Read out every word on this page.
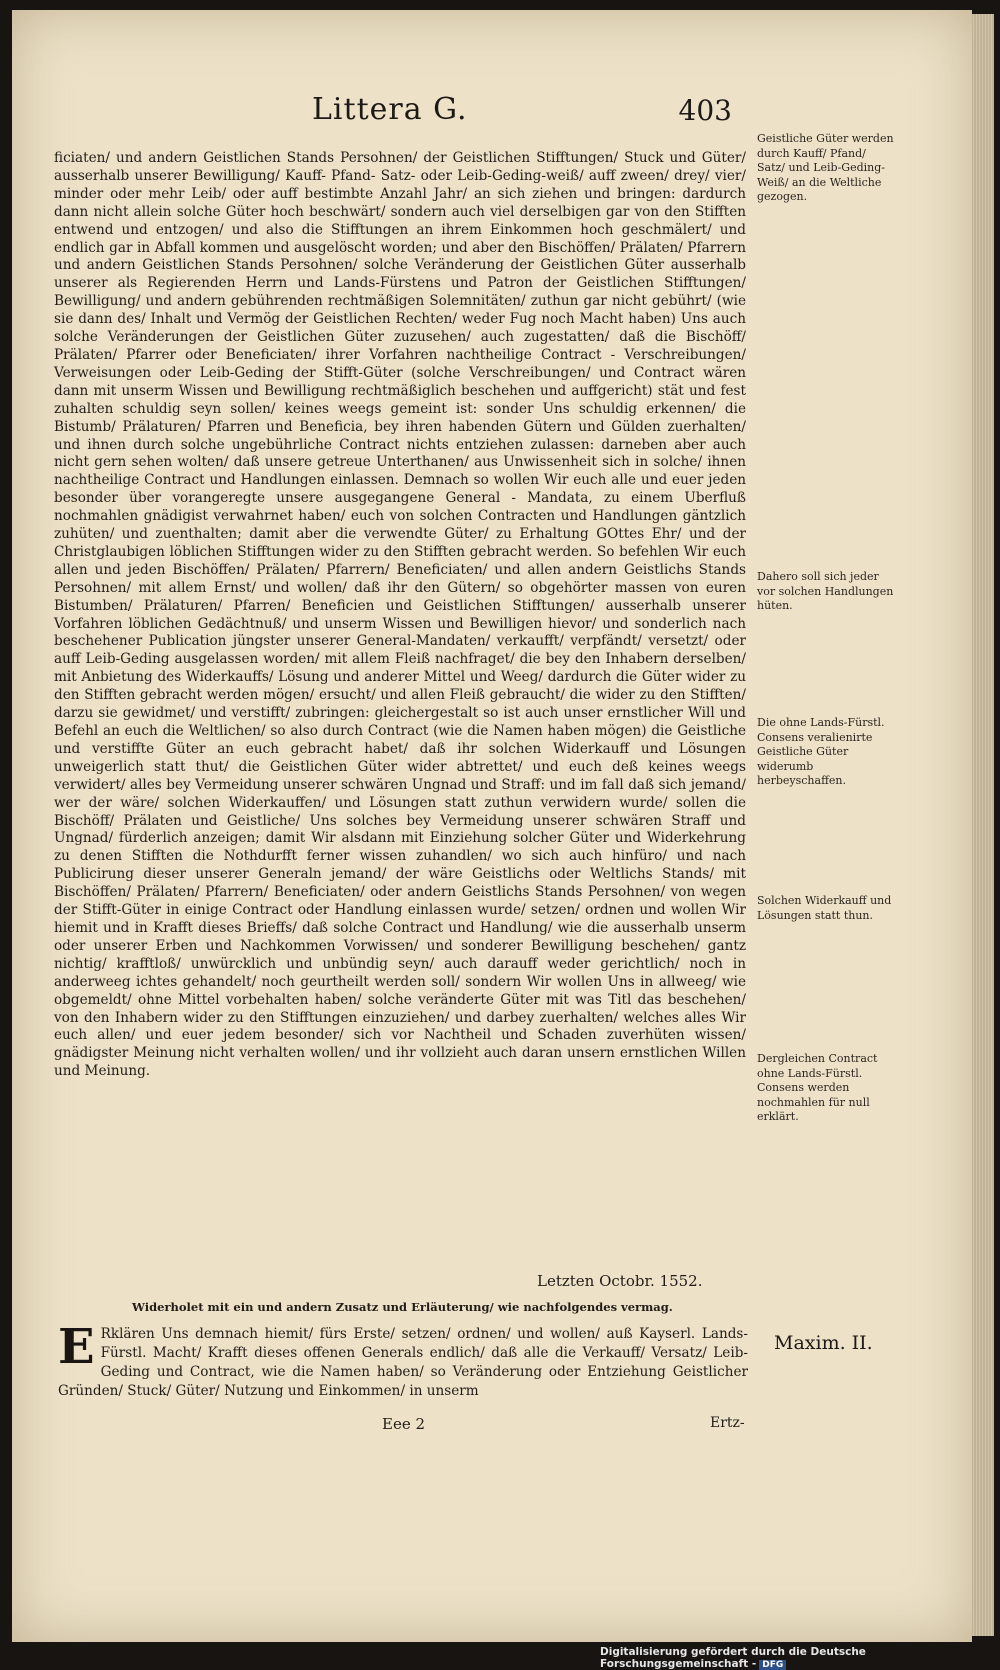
Littera G.	403

ficiaten/ und andern Geistlichen Stands Persohnen/ der Geistlichen Stifftungen/ Stuck und Güter/ ausserhalb unserer Bewilligung/ Kauff- Pfand- Satz- oder Leib-Geding-weiß/ auff zween/ drey/ vier/ minder oder mehr Leib/ oder auff bestimbte Anzahl Jahr/ an sich ziehen und bringen: dardurch dann nicht allein solche Güter hoch beschwärt/ sondern auch viel derselbigen gar von den Stifften entwend und entzogen/ und also die Stifftungen an ihrem Einkommen hoch geschmälert/ und endlich gar in Abfall kommen und ausgelöscht worden; und aber den Bischöffen/ Prälaten/ Pfarrern und andern Geistlichen Stands Persohnen/ solche Veränderung der Geistlichen Güter ausserhalb unserer als Regierenden Herrn und Lands-Fürstens und Patron der Geistlichen Stifftungen/ Bewilligung/ und andern gebührenden rechtmäßigen Solemnitäten/ zuthun gar nicht gebührt/ (wie sie dann des/ Inhalt und Vermög der Geistlichen Rechten/ weder Fug noch Macht haben) Uns auch solche Veränderungen der Geistlichen Güter zuzusehen/ auch zugestatten/ daß die Bischöff/ Prälaten/ Pfarrer oder Beneficiaten/ ihrer Vorfahren nachtheilige Contract - Verschreibungen/ Verweisungen oder Leib-Geding der Stifft-Güter (solche Verschreibungen/ und Contract wären dann mit unserm Wissen und Bewilligung rechtmäßiglich beschehen und auffgericht) stät und fest zuhalten schuldig seyn sollen/ keines weegs gemeint ist: sonder Uns schuldig erkennen/ die Bistumb/ Prälaturen/ Pfarren und Beneficia, bey ihren habenden Gütern und Gülden zuerhalten/ und ihnen durch solche ungebührliche Contract nichts entziehen zulassen: darneben aber auch nicht gern sehen wolten/ daß unsere getreue Unterthanen/ aus Unwissenheit sich in solche/ ihnen nachtheilige Contract und Handlungen einlassen. Demnach so wollen Wir euch alle und euer jeden besonder über vorangeregte unsere ausgegangene General - Mandata, zu einem Uberfluß nochmahlen gnädigist verwahrnet haben/ euch von solchen Contracten und Handlungen gäntzlich zuhüten/ und zuenthalten; damit aber die verwendte Güter/ zu Erhaltung GOttes Ehr/ und der Christglaubigen löblichen Stifftungen wider zu den Stifften gebracht werden. So befehlen Wir euch allen und jeden Bischöffen/ Prälaten/ Pfarrern/ Beneficiaten/ und allen andern Geistlichs Stands Persohnen/ mit allem Ernst/ und wollen/ daß ihr den Gütern/ so obgehörter massen von euren Bistumben/ Prälaturen/ Pfarren/ Beneficien und Geistlichen Stifftungen/ ausserhalb unserer Vorfahren löblichen Gedächtnuß/ und unserm Wissen und Bewilligen hievor/ und sonderlich nach beschehener Publication jüngster unserer General-Mandaten/ verkaufft/ verpfändt/ versetzt/ oder auff Leib-Geding ausgelassen worden/ mit allem Fleiß nachfraget/ die bey den Inhabern derselben/ mit Anbietung des Widerkauffs/ Lösung und anderer Mittel und Weeg/ dardurch die Güter wider zu den Stifften gebracht werden mögen/ ersucht/ und allen Fleiß gebraucht/ die wider zu den Stifften/ darzu sie gewidmet/ und verstifft/ zubringen: gleichergestalt so ist auch unser ernstlicher Will und Befehl an euch die Weltlichen/ so also durch Contract (wie die Namen haben mögen) die Geistliche und verstiffte Güter an euch gebracht habet/ daß ihr solchen Widerkauff und Lösungen unweigerlich statt thut/ die Geistlichen Güter wider abtrettet/ und euch deß keines weegs verwidert/ alles bey Vermeidung unserer schwären Ungnad und Straff: und im fall daß sich jemand/ wer der wäre/ solchen Widerkauffen/ und Lösungen statt zuthun verwidern wurde/ sollen die Bischöff/ Prälaten und Geistliche/ Uns solches bey Vermeidung unserer schwären Straff und Ungnad/ fürderlich anzeigen; damit Wir alsdann mit Einziehung solcher Güter und Widerkehrung zu denen Stifften die Nothdurfft ferner wissen zuhandlen/ wo sich auch hinfüro/ und nach Publicirung dieser unserer Generaln jemand/ der wäre Geistlichs oder Weltlichs Stands/ mit Bischöffen/ Prälaten/ Pfarrern/ Beneficiaten/ oder andern Geistlichs Stands Persohnen/ von wegen der Stifft-Güter in einige Contract oder Handlung einlassen wurde/ setzen/ ordnen und wollen Wir hiemit und in Krafft dieses Brieffs/ daß solche Contract und Handlung/ wie die ausserhalb unserm oder unserer Erben und Nachkommen Vorwissen/ und sonderer Bewilligung beschehen/ gantz nichtig/ krafftloß/ unwürcklich und unbündig seyn/ auch darauff weder gerichtlich/ noch in anderweeg ichtes gehandelt/ noch geurtheilt werden soll/ sondern Wir wollen Uns in allweeg/ wie obgemeldt/ ohne Mittel vorbehalten haben/ solche veränderte Güter mit was Titl das beschehen/ von den Inhabern wider zu den Stifftungen einzuziehen/ und darbey zuerhalten/ welches alles Wir euch allen/ und euer jedem besonder/ sich vor Nachtheil und Schaden zuverhüten wissen/ gnädigster Meinung nicht verhalten wollen/ und ihr vollzieht auch daran unsern ernstlichen Willen und Meinung.

Geistliche Güter werden durch Kauff/ Pfand/ Satz/ und Leib-Geding-Weiß/ an die Weltliche gezogen.

Dahero soll sich jeder vor solchen Handlungen hüten.

Die ohne Lands-Fürstl. Consens veralienirte Geistliche Güter widerumb herbeyschaffen.

Solchen Widerkauff und Lösungen statt thun.

Dergleichen Contract ohne Lands-Fürstl. Consens werden nochmahlen für null erklärt.

Letzten Octobr. 1552.
Widerholet mit ein und andern Zusatz und Erläuterung/ wie nachfolgendes vermag.

E Rklären Uns demnach hiemit/ fürs Erste/ setzen/ ordnen/ und wollen/ auß Kayserl. Lands-Fürstl. Macht/ Krafft dieses offenen Generals endlich/ daß alle die Verkauff/ Versatz/ Leib-Geding und Contract, wie die Namen haben/ so Veränderung oder Entziehung Geistlicher Gründen/ Stuck/ Güter/ Nutzung und Einkommen/ in unserm

Maxim. II.
Eee 2	Ertz-
Digitalisierung gefördert durch die Deutsche Forschungsgemeinschaft - DFG
